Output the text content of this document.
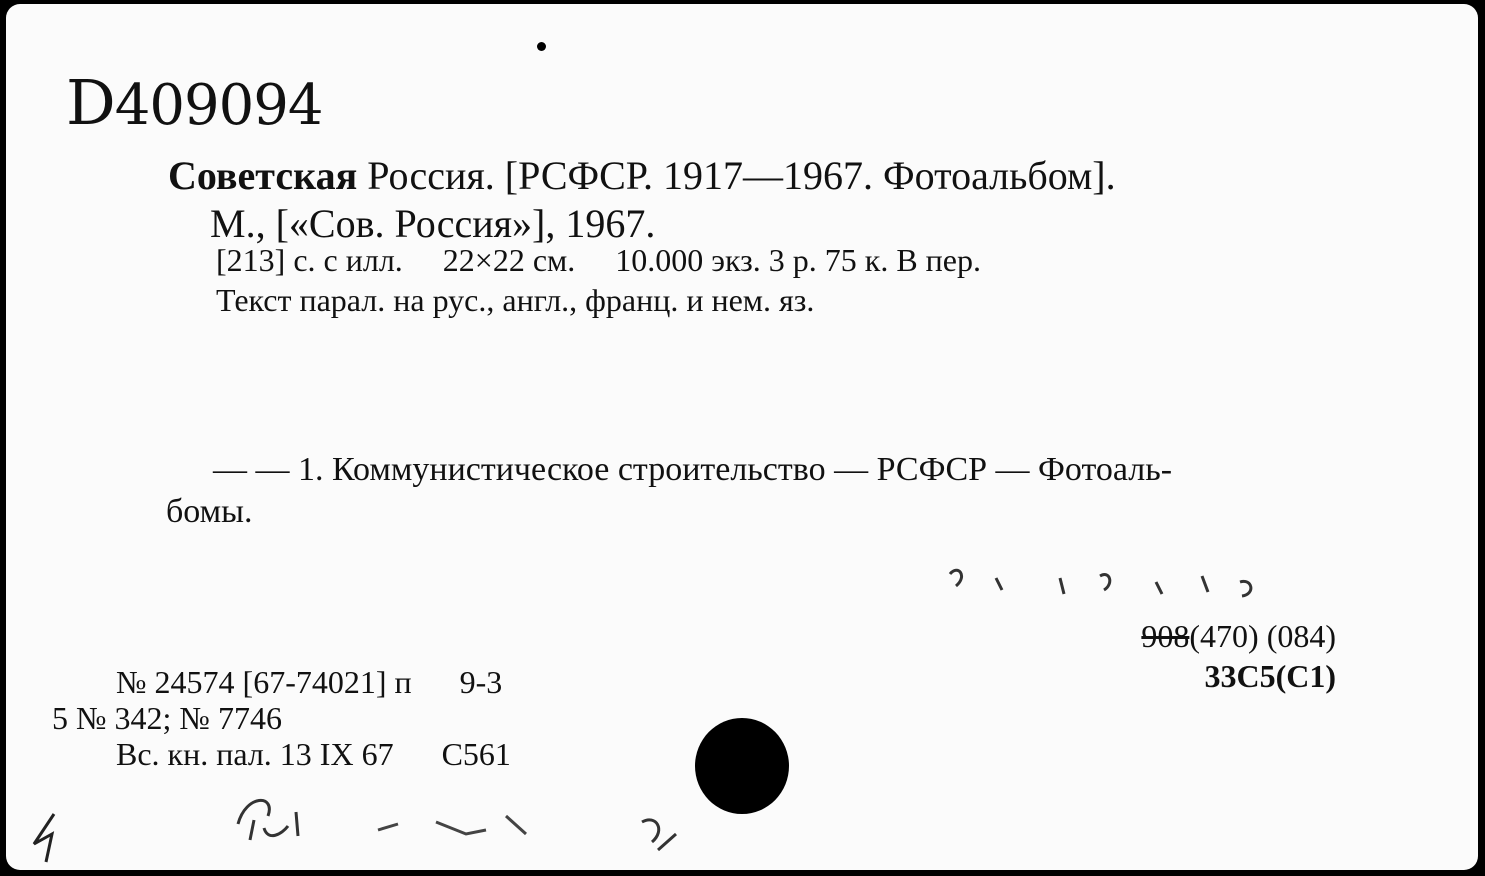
D409094
Советская Россия. [РСФСР. 1917—1967. Фотоальбом].
М., [«Сов. Россия»], 1967.
[213] с. с илл.     22×22 см.     10.000 экз. 3 р. 75 к. В пер.
Текст парал. на рус., англ., франц. и нем. яз.
— — 1. Коммунистическое строительство — РСФСР — Фотоаль-
бомы.
908(470) (084)
33С5(С1)
№ 24574 [67-74021] п 9-3
5 № 342; № 7746
Вс. кн. пал. 13 IX 67 С561
